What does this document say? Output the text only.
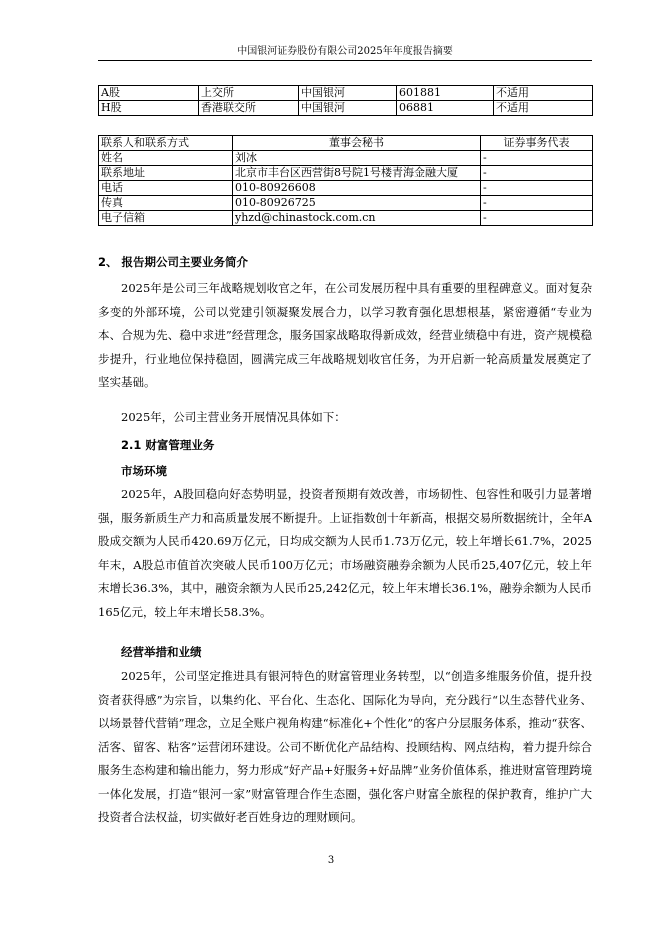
中国银河证券股份有限公司2025年年度报告摘要
A股	上交所	中国银河	601881	不适用
H股	香港联交所	中国银河	06881	不适用
联系人和联系方式	董事会秘书	证券事务代表
姓名	刘冰	-
联系地址	北京市丰台区西营街8号院1号楼青海金融大厦	-
电话	010-80926608	-
传真	010-80926725	-
电子信箱	yhzd@chinastock.com.cn	-
2、 报告期公司主要业务简介

2025年是公司三年战略规划收官之年，在公司发展历程中具有重要的里程碑意义。面对复杂多变的外部环境，公司以党建引领凝聚发展合力，以学习教育强化思想根基，紧密遵循“专业为本、合规为先、稳中求进”经营理念，服务国家战略取得新成效，经营业绩稳中有进，资产规模稳步提升，行业地位保持稳固，圆满完成三年战略规划收官任务，为开启新一轮高质量发展奠定了坚实基础。

2025年，公司主营业务开展情况具体如下：

2.1 财富管理业务
市场环境

2025年，A股回稳向好态势明显，投资者预期有效改善，市场韧性、包容性和吸引力显著增强，服务新质生产力和高质量发展不断提升。上证指数创十年新高，根据交易所数据统计，全年A股成交额为人民币420.69万亿元，日均成交额为人民币1.73万亿元，较上年增长61.7%，2025年末，A股总市值首次突破人民币100万亿元；市场融资融券余额为人民币25,407亿元，较上年末增长36.3%，其中，融资余额为人民币25,242亿元，较上年末增长36.1%，融券余额为人民币165亿元，较上年末增长58.3%。

经营举措和业绩

2025年，公司坚定推进具有银河特色的财富管理业务转型，以“创造多维服务价值，提升投资者获得感”为宗旨，以集约化、平台化、生态化、国际化为导向，充分践行“以生态替代业务、以场景替代营销”理念，立足全账户视角构建“标准化+个性化”的客户分层服务体系，推动“获客、活客、留客、粘客”运营闭环建设。公司不断优化产品结构、投顾结构、网点结构，着力提升综合服务生态构建和输出能力，努力形成“好产品+好服务+好品牌”业务价值体系，推进财富管理跨境一体化发展，打造“银河一家”财富管理合作生态圈，强化客户财富全旅程的保护教育，维护广大投资者合法权益，切实做好老百姓身边的理财顾问。

3
